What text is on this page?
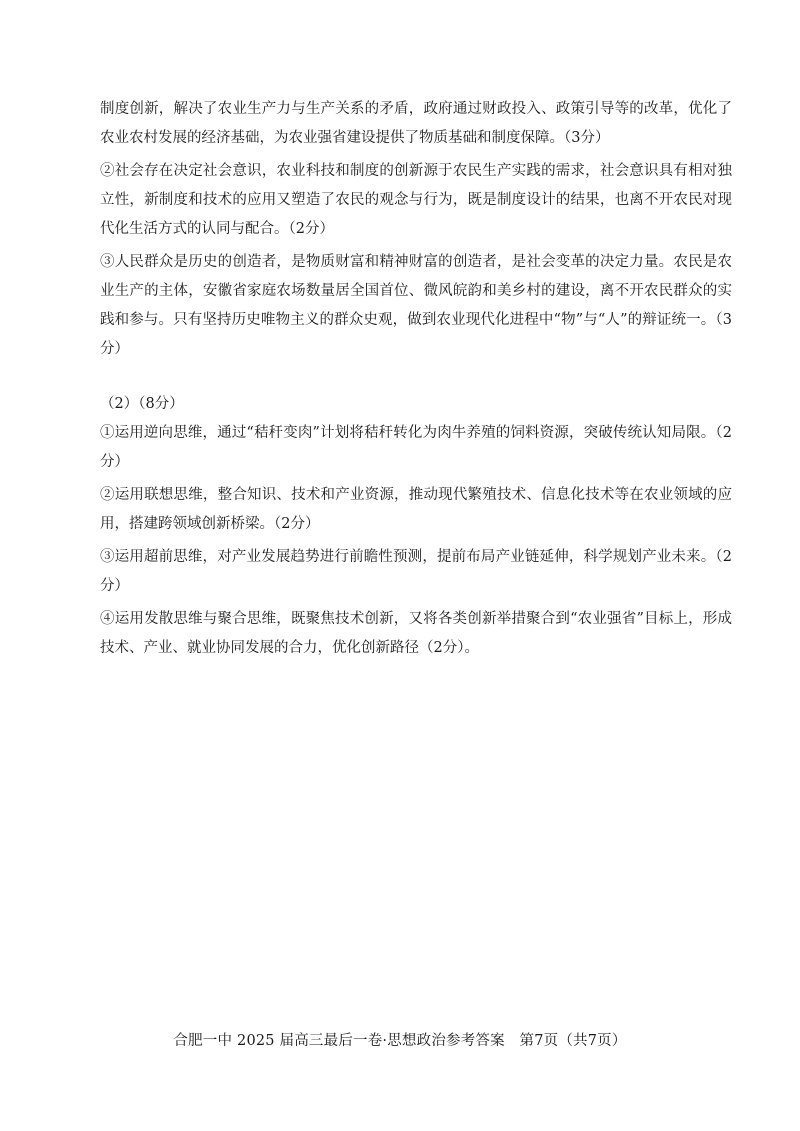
制度创新，解决了农业生产力与生产关系的矛盾，政府通过财政投入、政策引导等的改革，优化了农业农村发展的经济基础，为农业强省建设提供了物质基础和制度保障。（3分）

②社会存在决定社会意识，农业科技和制度的创新源于农民生产实践的需求，社会意识具有相对独立性，新制度和技术的应用又塑造了农民的观念与行为，既是制度设计的结果，也离不开农民对现代化生活方式的认同与配合。（2分）

③人民群众是历史的创造者，是物质财富和精神财富的创造者，是社会变革的决定力量。农民是农业生产的主体，安徽省家庭农场数量居全国首位、微风皖韵和美乡村的建设，离不开农民群众的实践和参与。只有坚持历史唯物主义的群众史观，做到农业现代化进程中“物”与“人”的辩证统一。（3分）

（2）（8分）

①运用逆向思维，通过“秸秆变肉”计划将秸秆转化为肉牛养殖的饲料资源，突破传统认知局限。（2分）

②运用联想思维，整合知识、技术和产业资源，推动现代繁殖技术、信息化技术等在农业领域的应用，搭建跨领域创新桥梁。（2分）

③运用超前思维，对产业发展趋势进行前瞻性预测，提前布局产业链延伸，科学规划产业未来。（2分）

④运用发散思维与聚合思维，既聚焦技术创新，又将各类创新举措聚合到“农业强省”目标上，形成技术、产业、就业协同发展的合力，优化创新路径（2分）。

合肥一中 2025 届高三最后一卷·思想政治参考答案　第7页（共7页）
